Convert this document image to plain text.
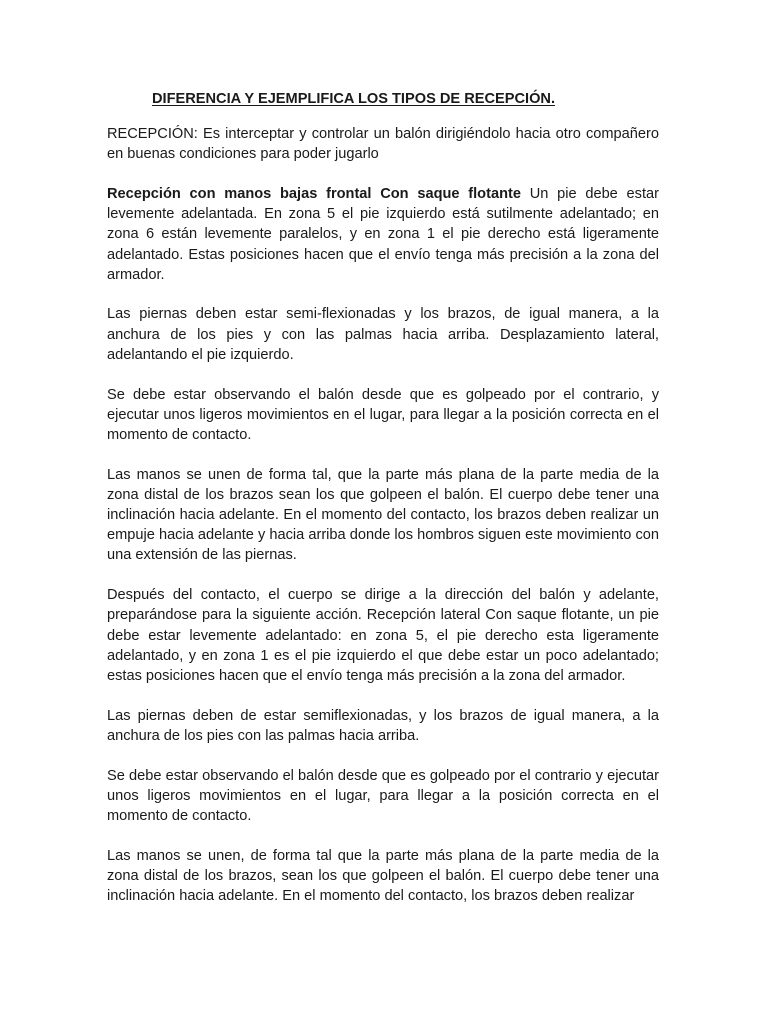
DIFERENCIA Y EJEMPLIFICA LOS TIPOS DE RECEPCIÓN.

RECEPCIÓN: Es interceptar y controlar un balón dirigiéndolo hacia otro compañero en buenas condiciones para poder jugarlo

Recepción con manos bajas frontal Con saque flotante Un pie debe estar levemente adelantada. En zona 5 el pie izquierdo está sutilmente adelantado; en zona 6 están levemente paralelos, y en zona 1 el pie derecho está ligeramente adelantado. Estas posiciones hacen que el envío tenga más precisión a la zona del armador.

Las piernas deben estar semi-flexionadas y los brazos, de igual manera, a la anchura de los pies y con las palmas hacia arriba. Desplazamiento lateral, adelantando el pie izquierdo.

Se debe estar observando el balón desde que es golpeado por el contrario, y ejecutar unos ligeros movimientos en el lugar, para llegar a la posición correcta en el momento de contacto.

Las manos se unen de forma tal, que la parte más plana de la parte media de la zona distal de los brazos sean los que golpeen el balón. El cuerpo debe tener una inclinación hacia adelante. En el momento del contacto, los brazos deben realizar un empuje hacia adelante y hacia arriba donde los hombros siguen este movimiento con una extensión de las piernas.

Después del contacto, el cuerpo se dirige a la dirección del balón y adelante, preparándose para la siguiente acción. Recepción lateral Con saque flotante, un pie debe estar levemente adelantado: en zona 5, el pie derecho esta ligeramente adelantado, y en zona 1 es el pie izquierdo el que debe estar un poco adelantado; estas posiciones hacen que el envío tenga más precisión a la zona del armador.

Las piernas deben de estar semiflexionadas, y los brazos de igual manera, a la anchura de los pies con las palmas hacia arriba.

Se debe estar observando el balón desde que es golpeado por el contrario y ejecutar unos ligeros movimientos en el lugar, para llegar a la posición correcta en el momento de contacto.

Las manos se unen, de forma tal que la parte más plana de la parte media de la zona distal de los brazos, sean los que golpeen el balón. El cuerpo debe tener una inclinación hacia adelante. En el momento del contacto, los brazos deben realizar
